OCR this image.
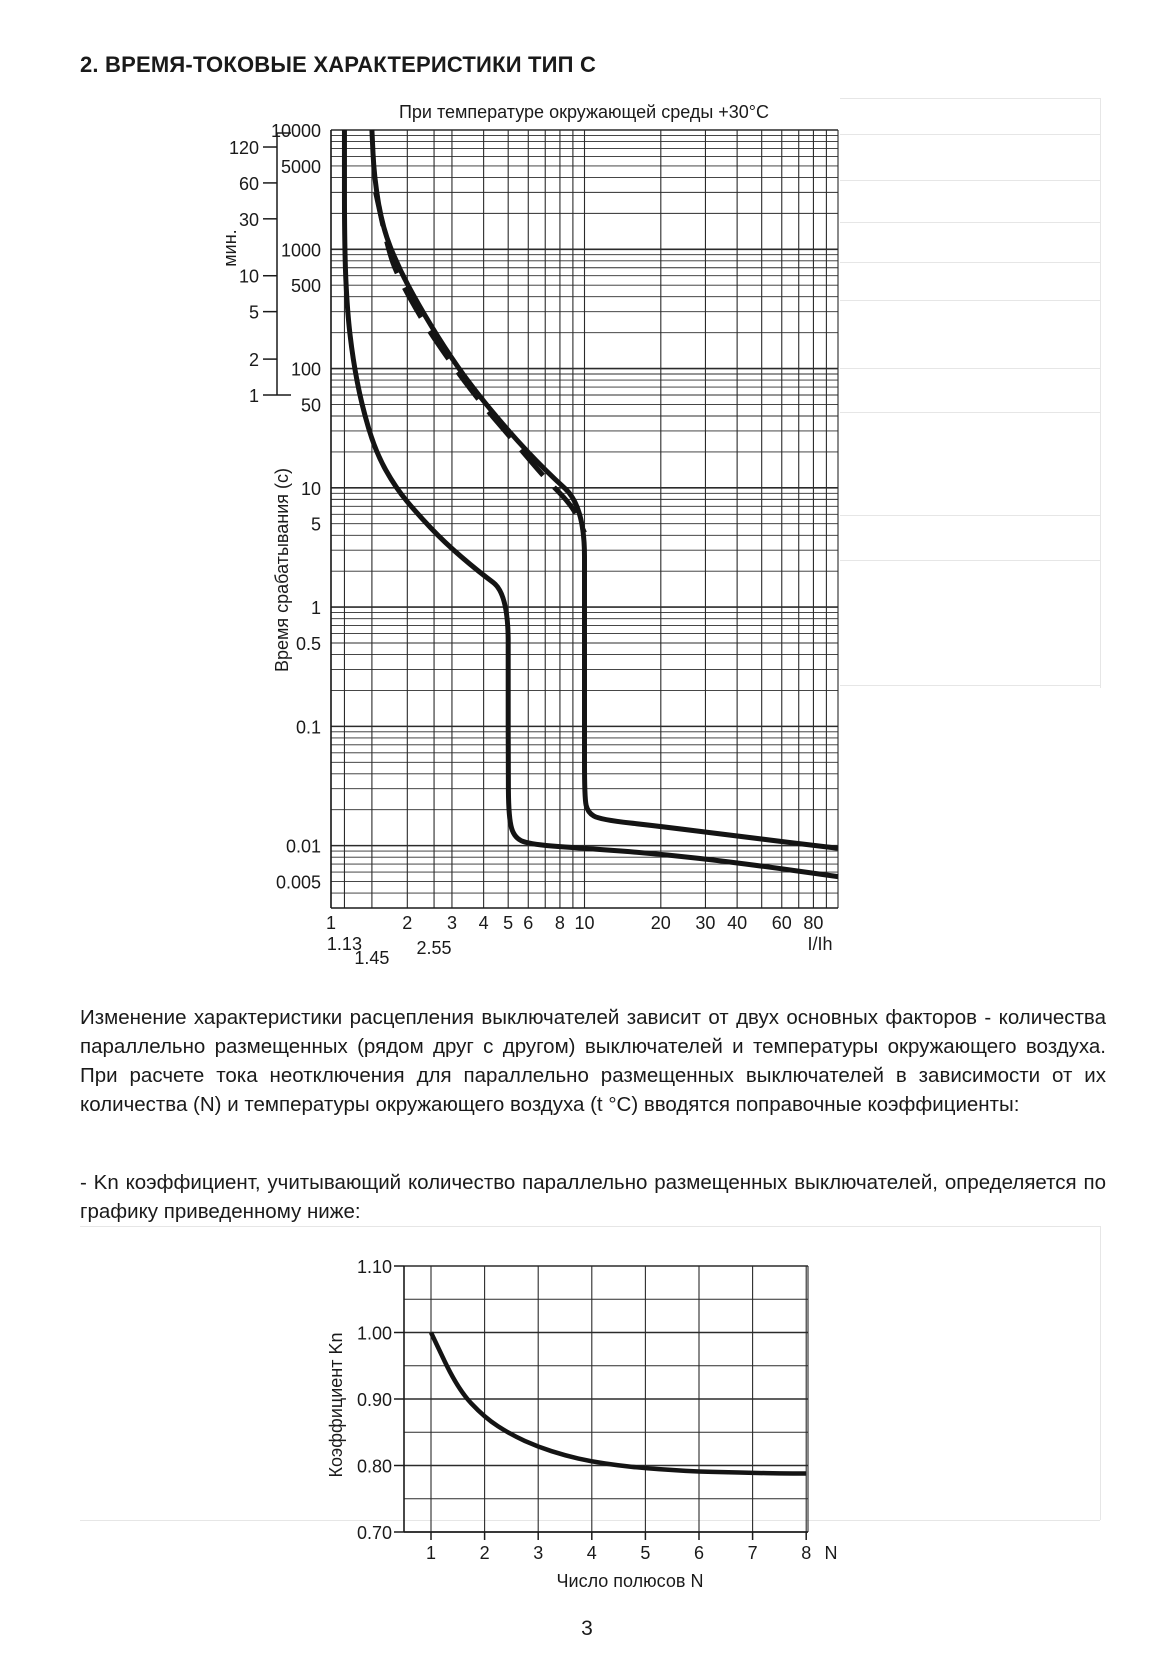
2. ВРЕМЯ-ТОКОВЫЕ ХАРАКТЕРИСТИКИ ТИП С
При температуре окружающей среды +30°C
0.005
0.01
0.1
0.5
1
5
10
50
100
500
1000
5000
10000
1	2 3 4 5 6 8 10	20 30 40 60 80
1.13
1.45 2.55	I/Ih
Время срабатывания (с)
1
2
5
10
30
60
120
мин.
0.70
0.80
0.90
1.00
1.10
1 2 3 4 5 6 7 8 N
Число полюсов N
Коэффициент Kn
Изменение характеристики расцепления выключателей зависит от двух основных факторов - количества параллельно размещенных (рядом друг с другом) выключателей и температуры окружающего воздуха. При расчете тока неотключения для параллельно размещенных выключателей в зависимости от их количества (N) и температуры окружающего воздуха (t °С) вводятся поправочные коэффициенты:
- Kn коэффициент, учитывающий количество параллельно размещенных выключателей, определяется по графику приведенному ниже:
3
